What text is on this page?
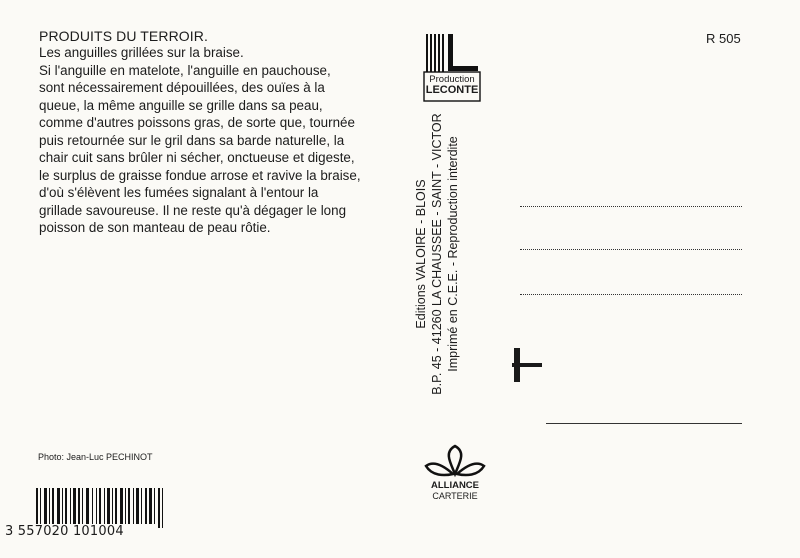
PRODUITS DU TERROIR.
Les anguilles grillées sur la braise.
Si l'anguille en matelote, l'anguille en pauchouse,
sont nécessairement dépouillées, des ouïes à la
queue, la même anguille se grille dans sa peau,
comme d'autres poissons gras, de sorte que, tournée
puis retournée sur le gril dans sa barde naturelle, la
chair cuit sans brûler ni sécher, onctueuse et digeste,
le surplus de graisse fondue arrose et ravive la braise,
d'où s'élèvent les fumées signalant à l'entour la
grillade savoureuse. Il ne reste qu'à dégager le long
poisson de son manteau de peau rôtie.
Photo: Jean-Luc PECHINOT
3 557020 101004
Production
LECONTE
Editions VALOIRE - BLOIS B.P. 45 - 41260 LA CHAUSSEE - SAINT - VICTOR Imprimé en C.E.E. - Reproduction interdite
ALLIANCE
CARTERIE
R 505
